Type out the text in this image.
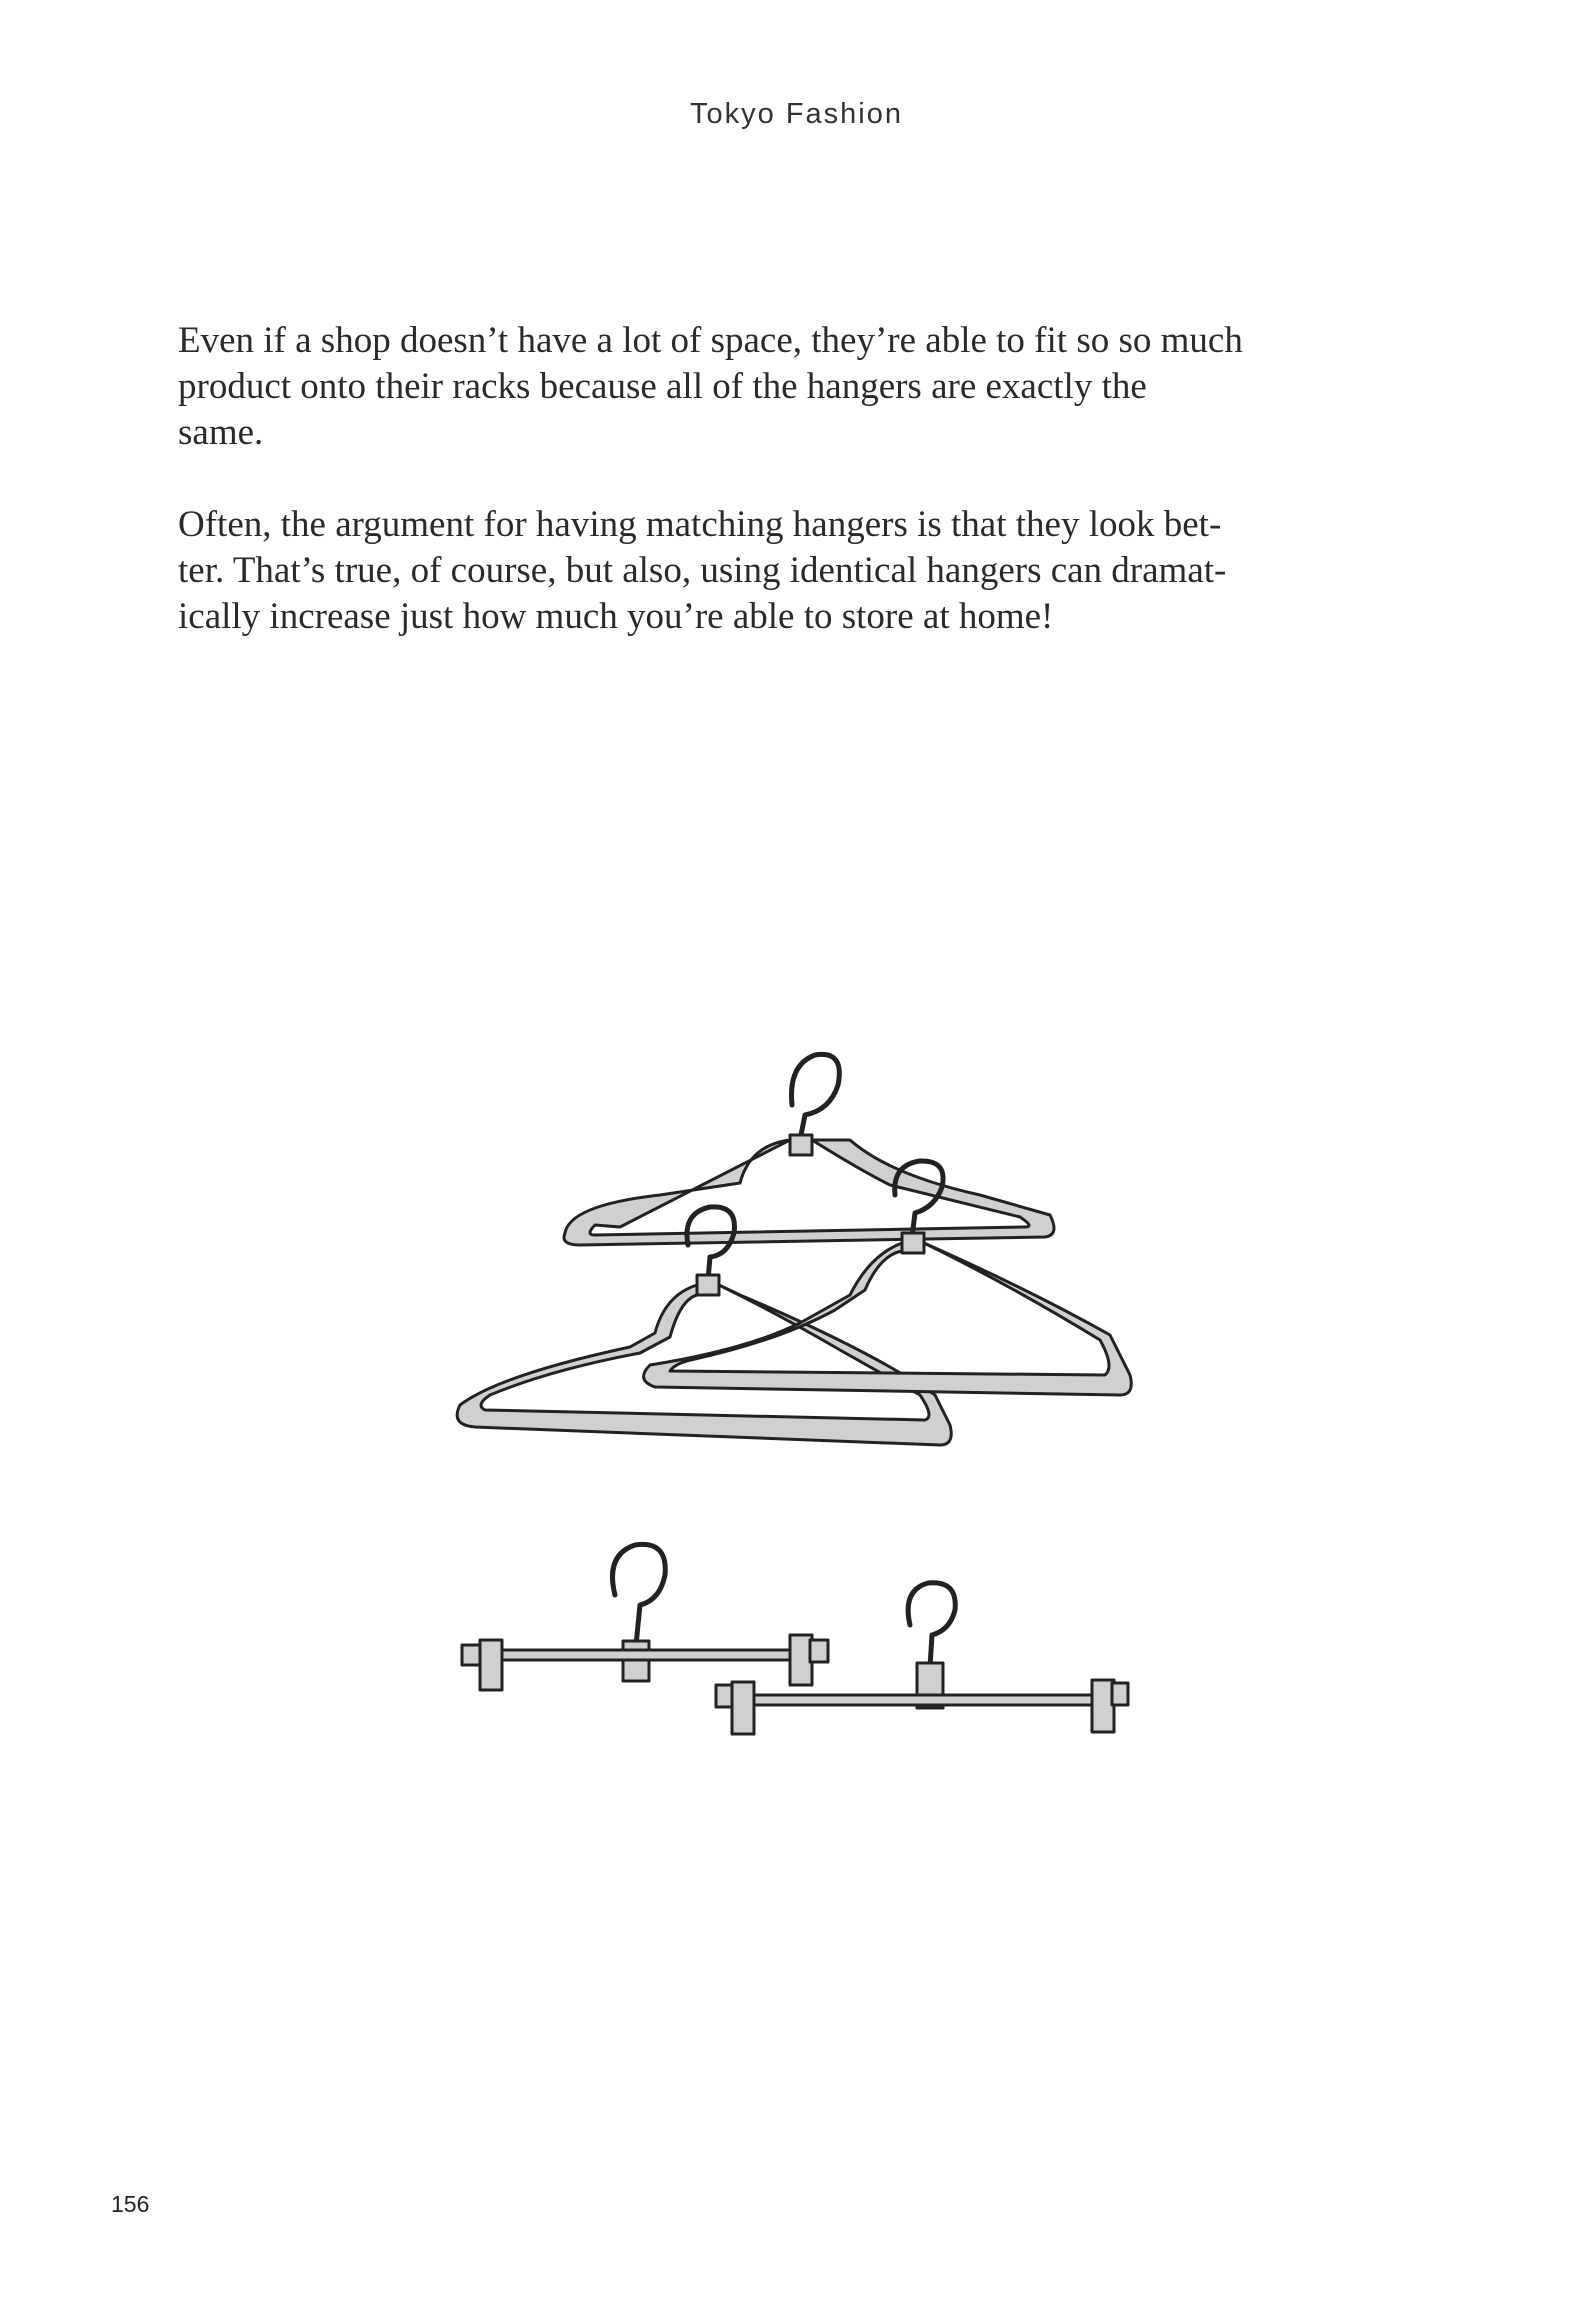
Tokyo Fashion

Even if a shop doesn’t have a lot of space, they’re able to fit so so much
product onto their racks because all of the hangers are exactly the
same.

Often, the argument for having matching hangers is that they look bet-
ter. That’s true, of course, but also, using identical hangers can dramat-
ically increase just how much you’re able to store at home!

156
